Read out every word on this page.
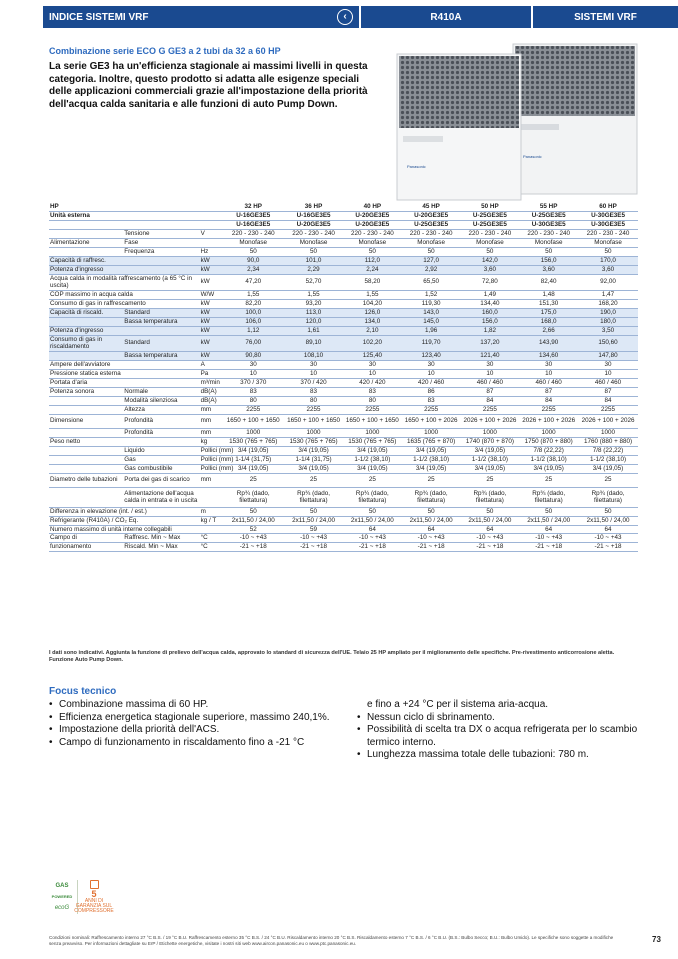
INDICE SISTEMI VRF	‹	R410A	SISTEMI VRF
Combinazione serie ECO G GE3 a 2 tubi da 32 a 60 HP
La serie GE3 ha un'efficienza stagionale ai massimi livelli in questa categoria. Inoltre, questo prodotto si adatta alle esigenze speciali delle applicazioni commerciali grazie all'impostazione della priorità dell'acqua calda sanitaria e alle funzioni di auto Pump Down.
Panasonic
Panasonic
HP			32 HP	36 HP	40 HP	45 HP	50 HP	55 HP	60 HP
Unità esterna			U-16GE3E5	U-16GE3E5	U-20GE3E5	U-20GE3E5	U-25GE3E5	U-25GE3E5	U-30GE3E5
			U-16GE3E5	U-20GE3E5	U-20GE3E5	U-25GE3E5	U-25GE3E5	U-30GE3E5	U-30GE3E5
	Tensione	V	220 - 230 - 240	220 - 230 - 240	220 - 230 - 240	220 - 230 - 240	220 - 230 - 240	220 - 230 - 240	220 - 230 - 240
Alimentazione	Fase		Monofase	Monofase	Monofase	Monofase	Monofase	Monofase	Monofase
	Frequenza	Hz	50	50	50	50	50	50	50
Capacità di raffresc.		kW	90,0	101,0	112,0	127,0	142,0	156,0	170,0
Potenza d'ingresso		kW	2,34	2,29	2,24	2,92	3,60	3,60	3,60
Acqua calda in modalità raffrescamento (a 65 °C in uscita)		kW	47,20	52,70	58,20	65,50	72,80	82,40	92,00
COP massimo in acqua calda		W/W	1,55	1,55	1,55	1,52	1,49	1,48	1,47
Consumo di gas in raffrescamento		kW	82,20	93,20	104,20	119,30	134,40	151,30	168,20
Capacità di riscald.	Standard	kW	100,0	113,0	126,0	143,0	160,0	175,0	190,0
	Bassa temperatura	kW	106,0	120,0	134,0	145,0	156,0	168,0	180,0
Potenza d'ingresso		kW	1,12	1,61	2,10	1,96	1,82	2,66	3,50
Consumo di gas in riscaldamento	Standard	kW	76,00	89,10	102,20	119,70	137,20	143,90	150,60
	Bassa temperatura	kW	90,80	108,10	125,40	123,40	121,40	134,60	147,80
Ampere dell'avviatore		A	30	30	30	30	30	30	30
Pressione statica esterna		Pa	10	10	10	10	10	10	10
Portata d'aria		m³/min	370 / 370	370 / 420	420 / 420	420 / 460	460 / 460	460 / 460	460 / 460
Potenza sonora	Normale	dB(A)	83	83	83	86	87	87	87
	Modalità silenziosa	dB(A)	80	80	80	83	84	84	84
	Altezza	mm	2255	2255	2255	2255	2255	2255	2255
Dimensione	Profondità	mm	1650 + 100 + 1650	1650 + 100 + 1650	1650 + 100 + 1650	1650 + 100 + 2026	2026 + 100 + 2026	2026 + 100 + 2026	2026 + 100 + 2026
	Profondità	mm	1000	1000	1000	1000	1000	1000	1000
Peso netto		kg	1530 (765 + 765)	1530 (765 + 765)	1530 (765 + 765)	1635 (765 + 870)	1740 (870 + 870)	1750 (870 + 880)	1760 (880 + 880)
	Liquido	Pollici (mm)	3/4 (19,05)	3/4 (19,05)	3/4 (19,05)	3/4 (19,05)	3/4 (19,05)	7/8 (22,22)	7/8 (22,22)
	Gas	Pollici (mm)	1-1/4 (31,75)	1-1/4 (31,75)	1-1/2 (38,10)	1-1/2 (38,10)	1-1/2 (38,10)	1-1/2 (38,10)	1-1/2 (38,10)
	Gas combustibile	Pollici (mm)	3/4 (19,05)	3/4 (19,05)	3/4 (19,05)	3/4 (19,05)	3/4 (19,05)	3/4 (19,05)	3/4 (19,05)
Diametro delle tubazioni	Porta dei gas di scarico	mm	25	25	25	25	25	25	25
	Alimentazione dell'acqua calda in entrata e in uscita		Rp¾ (dado, filettatura)	Rp¾ (dado, filettatura)	Rp¾ (dado, filettatura)	Rp¾ (dado, filettatura)	Rp¾ (dado, filettatura)	Rp¾ (dado, filettatura)	Rp¾ (dado, filettatura)
Differenza in elevazione (int. / est.)		m	50	50	50	50	50	50	50
Refrigerante (R410A) / CO₂ Eq.		kg / T	2x11,50 / 24,00	2x11,50 / 24,00	2x11,50 / 24,00	2x11,50 / 24,00	2x11,50 / 24,00	2x11,50 / 24,00	2x11,50 / 24,00
Numero massimo di unità interne collegabili			52	59	64	64	64	64	64
Campo di	Raffresc. Min ~ Max	°C	-10 ~ +43	-10 ~ +43	-10 ~ +43	-10 ~ +43	-10 ~ +43	-10 ~ +43	-10 ~ +43
funzionamento	Riscald. Min ~ Max	°C	-21 ~ +18	-21 ~ +18	-21 ~ +18	-21 ~ +18	-21 ~ +18	-21 ~ +18	-21 ~ +18
I dati sono indicativi. Aggiunta la funzione di prelievo dell'acqua calda, approvato lo standard di sicurezza dell'UE. Telaio 25 HP ampliato per il miglioramento delle specifiche. Pre-rivestimento anticorrosione aletta. Funzione Auto Pump Down.
Focus tecnico
• Combinazione massima di 60 HP.
• Efficienza energetica stagionale superiore, massimo 240,1%.
• Impostazione della priorità dell'ACS.
• Campo di funzionamento in riscaldamento fino a -21 °C
e fino a +24 °C per il sistema aria-acqua.
• Nessun ciclo di sbrinamento.
• Possibilità di scelta tra DX o acqua refrigerata per lo scambio termico interno.
• Lunghezza massima totale delle tubazioni: 780 m.
GAS
POWERED
ecoG
5
ANNI DI GARANZIA SUL COMPRESSORE
Condizioni nominali: Raffrescamento interno 27 °C B.S. / 19 °C B.U. Raffrescamento esterno 35 °C B.S. / 24 °C B.U. Riscaldamento interno 20 °C B.S. Riscaldamento esterno 7 °C B.S. / 6 °C B.U. (B.S.: Bulbo Secco; B.U.: Bulbo Umido). Le specifiche sono soggette a modifiche senza preavviso. Per informazioni dettagliate su ErP / Etichette energetiche, visitate i nostri siti web www.aircon.panasonic.eu o www.ptc.panasonic.eu.	73
